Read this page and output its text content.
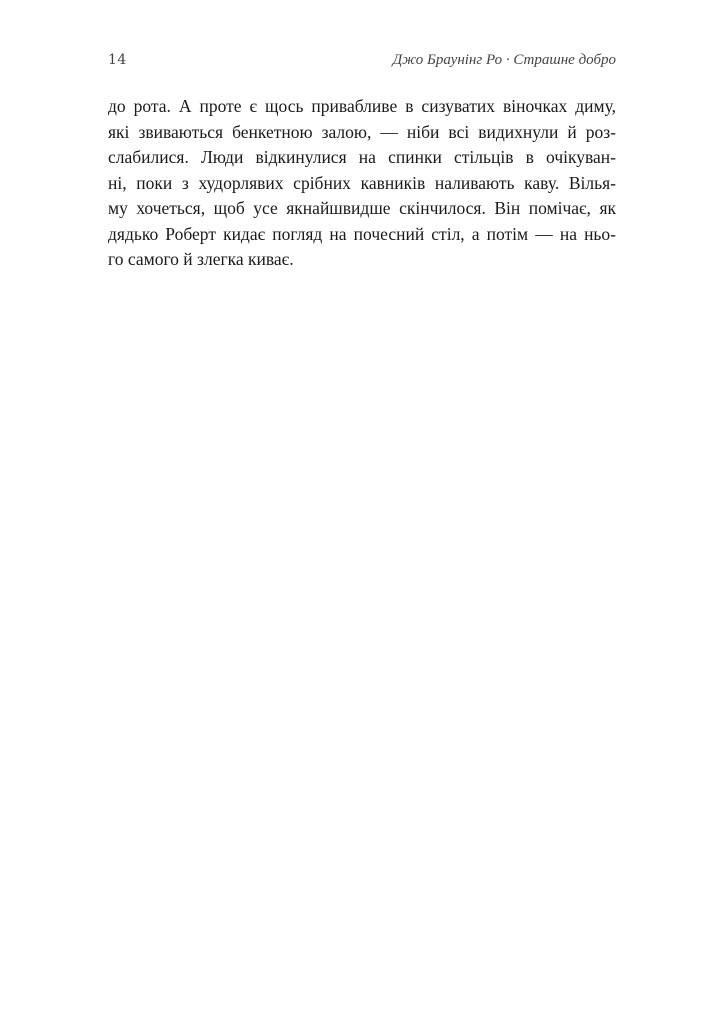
14	Джо Браунінг Ро · Страшне добро
до рота. А проте є щось привабливе в сизуватих віночках диму,
які звиваються бенкетною залою, — ніби всі видихнули й роз-
слабилися. Люди відкинулися на спинки стільців в очікуван-
ні, поки з худорлявих срібних кавників наливають каву. Вілья-
му хочеться, щоб усе якнайшвидше скінчилося. Він помічає, як
дядько Роберт кидає погляд на почесний стіл, а потім — на ньо-
го самого й злегка киває.
